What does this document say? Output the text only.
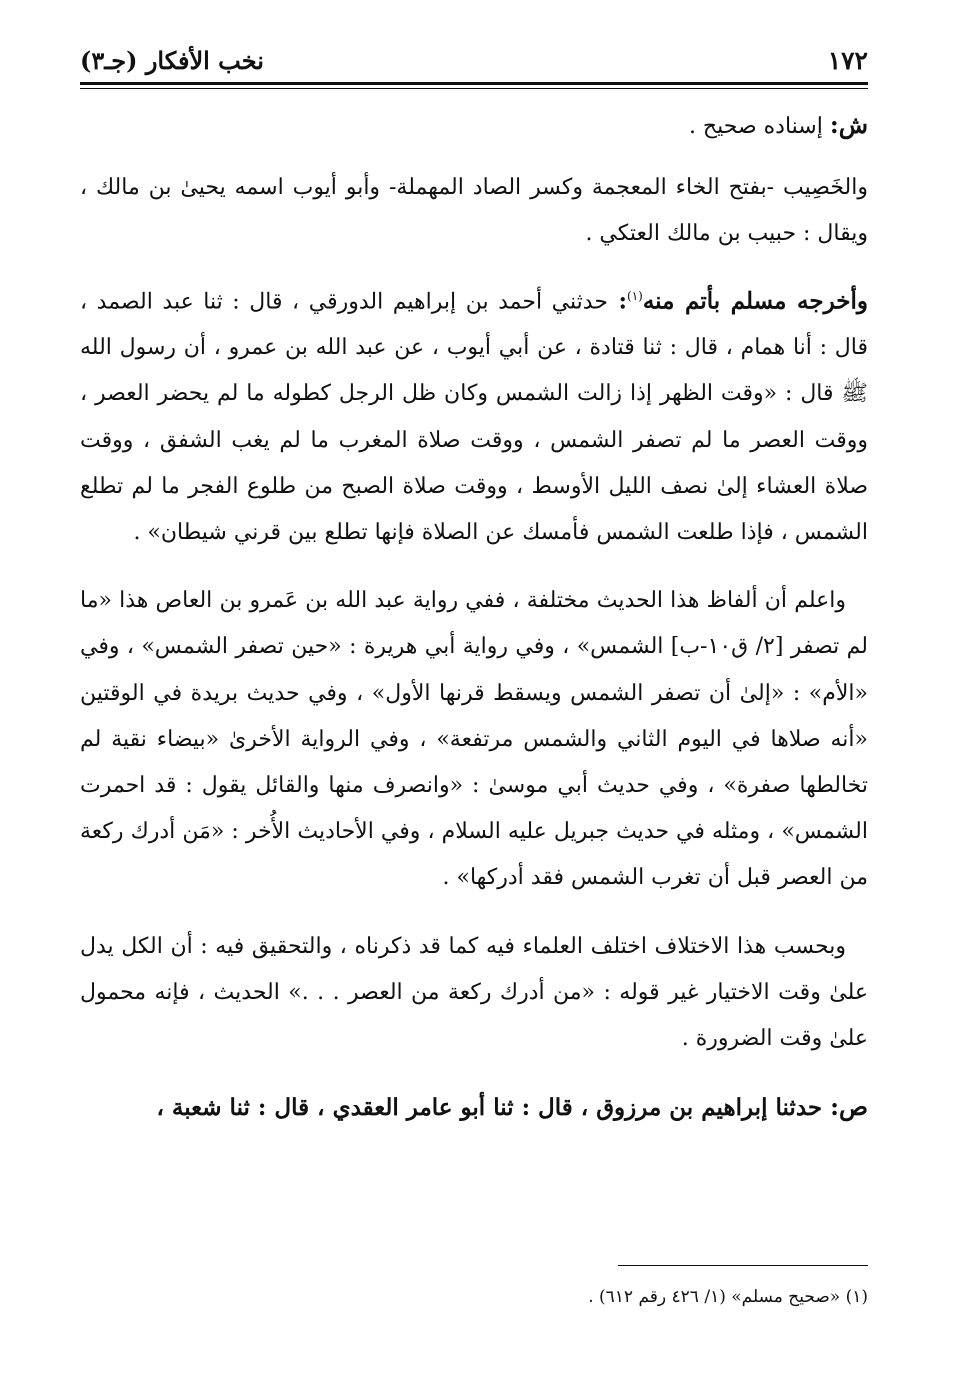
١٧٢
نخب الأفكار (جـ٣)

ش: إسناده صحيح .

والخَصِيب -بفتح الخاء المعجمة وكسر الصاد المهملة- وأبو أيوب اسمه يحيىٰ بن مالك ، ويقال : حبيب بن مالك العتكي .

وأخرجه مسلم بأتم منه$^{(١)}$: حدثني أحمد بن إبراهيم الدورقي ، قال : ثنا عبد الصمد ، قال : أنا همام ، قال : ثنا قتادة ، عن أبي أيوب ، عن عبد الله بن عمرو ، أن رسول الله ﷺ قال : «وقت الظهر إذا زالت الشمس وكان ظل الرجل كطوله ما لم يحضر العصر ، ووقت العصر ما لم تصفر الشمس ، ووقت صلاة المغرب ما لم يغب الشفق ، ووقت صلاة العشاء إلىٰ نصف الليل الأوسط ، ووقت صلاة الصبح من طلوع الفجر ما لم تطلع الشمس ، فإذا طلعت الشمس فأمسك عن الصلاة فإنها تطلع بين قرني شيطان» .

واعلم أن ألفاظ هذا الحديث مختلفة ، ففي رواية عبد الله بن عَمرو بن العاص هذا «ما لم تصفر [٢/ ق١٠-ب] الشمس» ، وفي رواية أبي هريرة : «حين تصفر الشمس» ، وفي «الأم» : «إلىٰ أن تصفر الشمس ويسقط قرنها الأول» ، وفي حديث بريدة في الوقتين «أنه صلاها في اليوم الثاني والشمس مرتفعة» ، وفي الرواية الأخرىٰ «بيضاء نقية لم تخالطها صفرة» ، وفي حديث أبي موسىٰ : «وانصرف منها والقائل يقول : قد احمرت الشمس» ، ومثله في حديث جبريل عليه السلام ، وفي الأحاديث الأُخر : «مَن أدرك ركعة من العصر قبل أن تغرب الشمس فقد أدركها» .

وبحسب هذا الاختلاف اختلف العلماء فيه كما قد ذكرناه ، والتحقيق فيه : أن الكل يدل علىٰ وقت الاختيار غير قوله : «من أدرك ركعة من العصر . . .» الحديث ، فإنه محمول علىٰ وقت الضرورة .

ص: حدثنا إبراهيم بن مرزوق ، قال : ثنا أبو عامر العقدي ، قال : ثنا شعبة ،

(١) «صحيح مسلم» (١/ ٤٢٦ رقم ٦١٢) .
